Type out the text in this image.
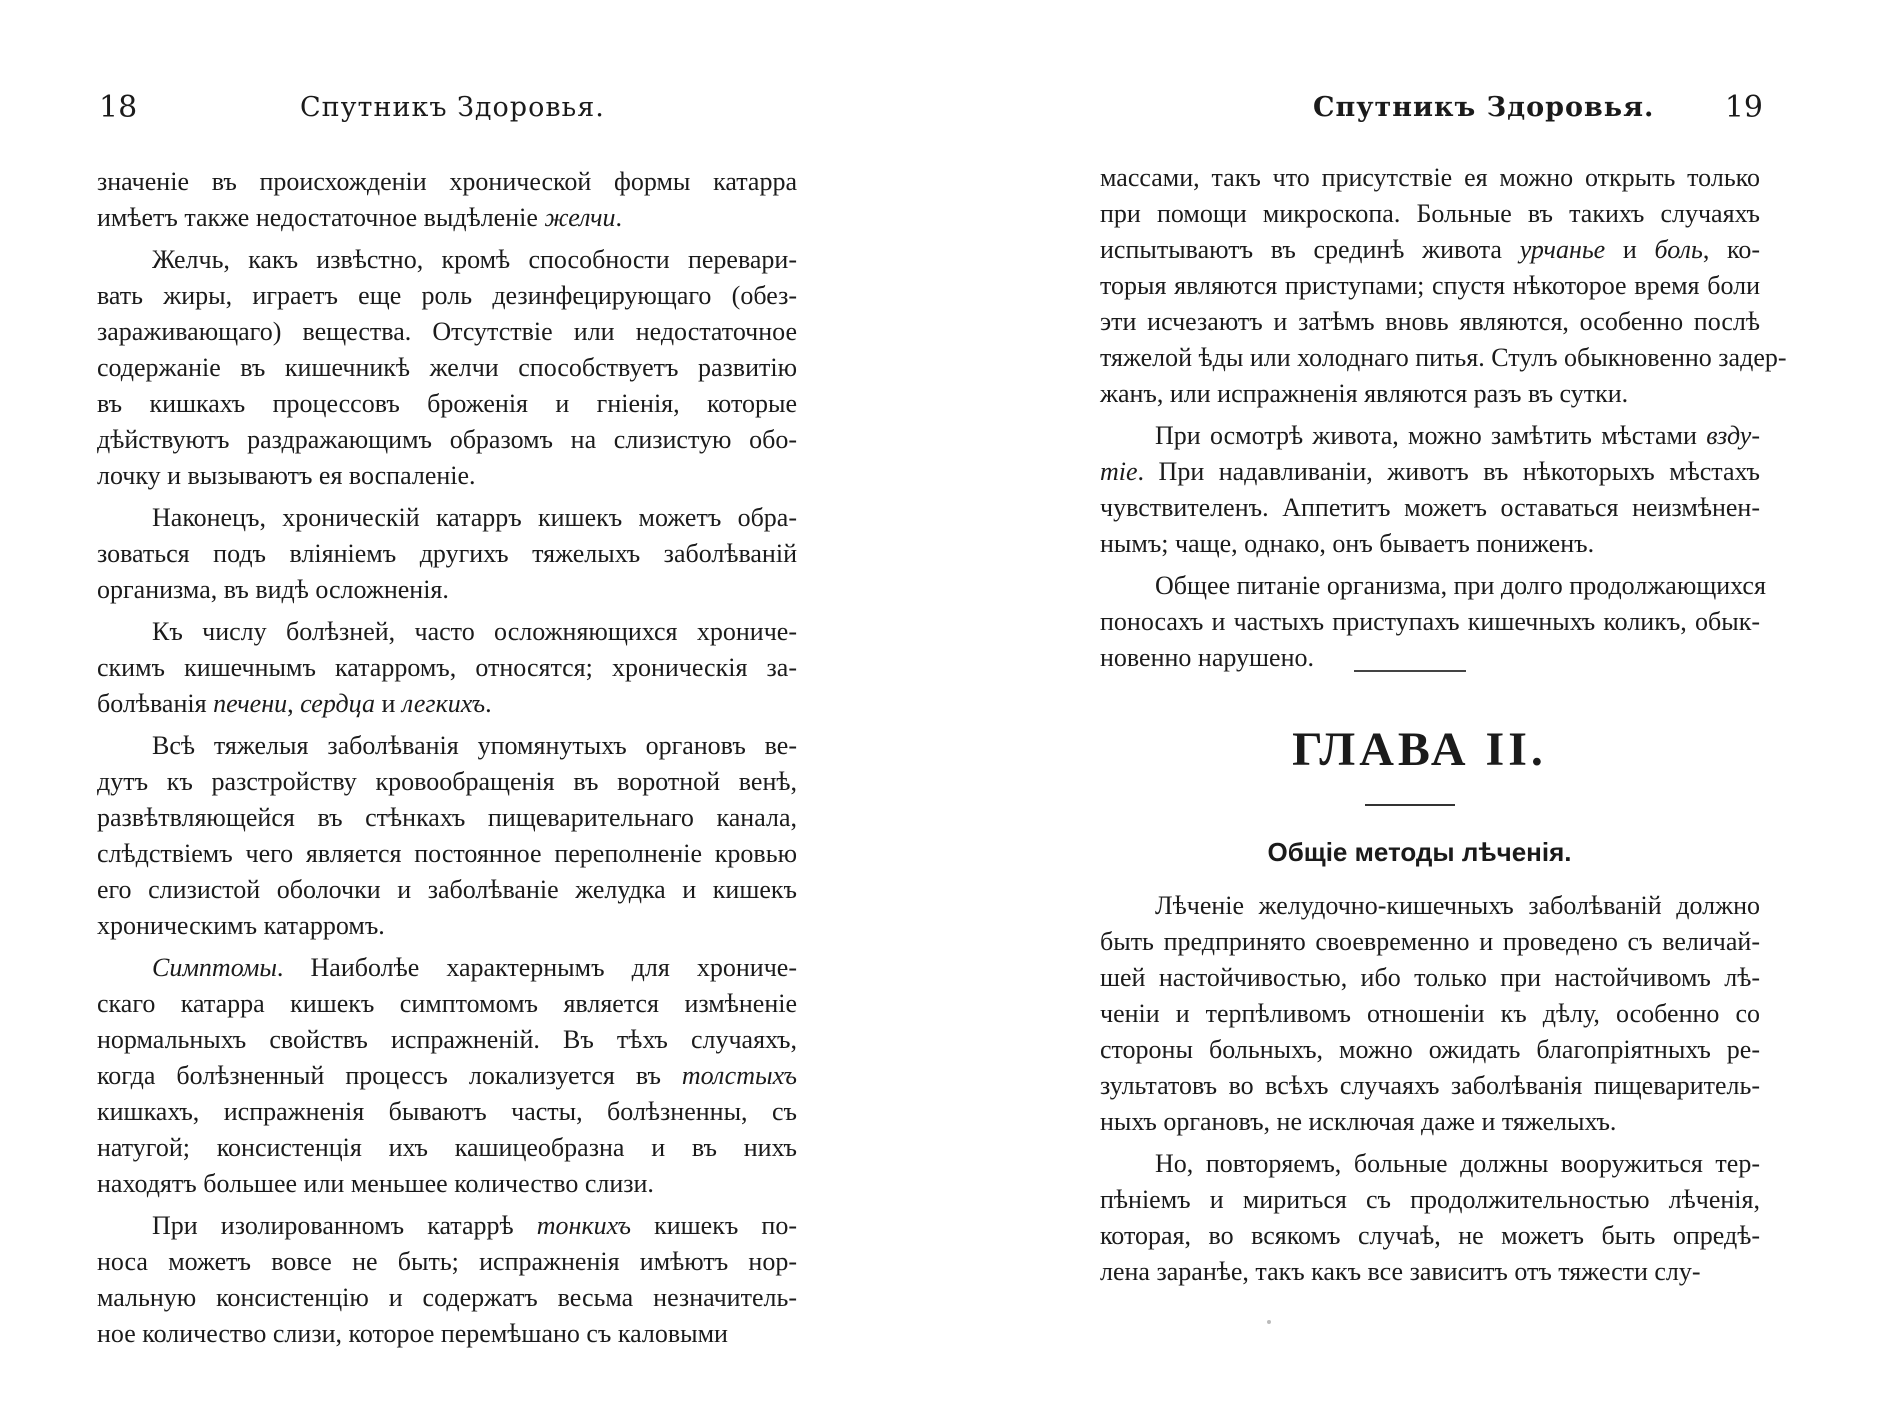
18	Спутникъ Здоровья.

значеніе въ происхожденіи хронической формы катарра
имѣетъ также недостаточное выдѣленіе желчи.

Желчь, какъ извѣстно, кромѣ способности перевари-
вать жиры, играетъ еще роль дезинфецирующаго (обез-
зараживающаго) вещества. Отсутствіе или недостаточное
содержаніе въ кишечникѣ желчи способствуетъ развитію
въ кишкахъ процессовъ броженія и гніенія, которые
дѣйствуютъ раздражающимъ образомъ на слизистую обо-
лочку и вызываютъ ея воспаленіе.

Наконецъ, хроническій катарръ кишекъ можетъ обра-
зоваться подъ вліяніемъ другихъ тяжелыхъ заболѣваній
организма, въ видѣ осложненія.

Къ числу болѣзней, часто осложняющихся хрониче-
скимъ кишечнымъ катарромъ, относятся; хроническія за-
болѣванія печени, сердца и легкихъ.

Всѣ тяжелыя заболѣванія упомянутыхъ органовъ ве-
дутъ къ разстройству кровообращенія въ воротной венѣ,
развѣтвляющейся въ стѣнкахъ пищеварительнаго канала,
слѣдствіемъ чего является постоянное переполненіе кровью
его слизистой оболочки и заболѣваніе желудка и кишекъ
хроническимъ катарромъ.

Симптомы. Наиболѣе характернымъ для хрониче-
скаго катарра кишекъ симптомомъ является измѣненіе
нормальныхъ свойствъ испражненій. Въ тѣхъ случаяхъ,
когда болѣзненный процессъ локализуется въ толстыхъ
кишкахъ, испражненія бываютъ часты, болѣзненны, съ
натугой; консистенція ихъ кашицеобразна и въ нихъ
находятъ большее или меньшее количество слизи.

При изолированномъ катаррѣ тонкихъ кишекъ по-
носа можетъ вовсе не быть; испражненія имѣютъ нор-
мальную консистенцію и содержатъ весьма незначитель-
ное количество слизи, которое перемѣшано съ каловыми

Спутникъ Здоровья. 19

массами, такъ что присутствіе ея можно открыть только
при помощи микроскопа. Больные въ такихъ случаяхъ
испытываютъ въ срединѣ живота урчанье и боль, ко-
торыя являются приступами; спустя нѣкоторое время боли
эти исчезаютъ и затѣмъ вновь являются, особенно послѣ
тяжелой ѣды или холоднаго питья. Стулъ обыкновенно задер-
жанъ, или испражненія являются разъ въ сутки.

При осмотрѣ живота, можно замѣтить мѣстами взду-
тіе. При надавливаніи, животъ въ нѣкоторыхъ мѣстахъ
чувствителенъ. Аппетитъ можетъ оставаться неизмѣнен-
нымъ; чаще, однако, онъ бываетъ пониженъ.

Общее питаніе организма, при долго продолжающихся
поносахъ и частыхъ приступахъ кишечныхъ коликъ, обык-
новенно нарушено.

ГЛАВА II.
Общіе методы лѣченія.

Лѣченіе желудочно-кишечныхъ заболѣваній должно
быть предпринято своевременно и проведено съ величай-
шей настойчивостью, ибо только при настойчивомъ лѣ-
ченіи и терпѣливомъ отношеніи къ дѣлу, особенно со
стороны больныхъ, можно ожидать благопріятныхъ ре-
зультатовъ во всѣхъ случаяхъ заболѣванія пищеваритель-
ныхъ органовъ, не исключая даже и тяжелыхъ.

Но, повторяемъ, больные должны вооружиться тер-
пѣніемъ и мириться съ продолжительностью лѣченія,
которая, во всякомъ случаѣ, не можетъ быть опредѣ-
лена заранѣе, такъ какъ все зависитъ отъ тяжести слу-
